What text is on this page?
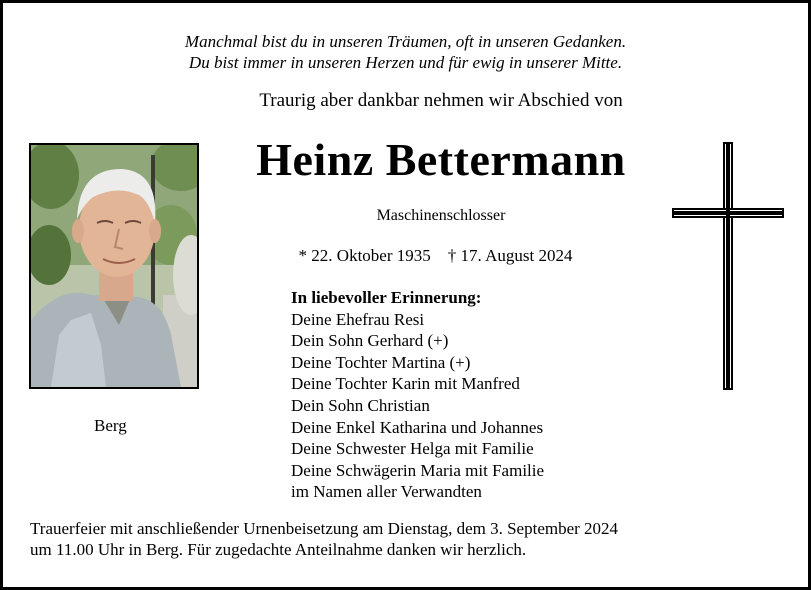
Manchmal bist du in unseren Träumen, oft in unseren Gedanken.
Du bist immer in unseren Herzen und für ewig in unserer Mitte.
Traurig aber dankbar nehmen wir Abschied von
Heinz Bettermann
Maschinenschlosser
* 22. Oktober 1935 † 17. August 2024
Berg
In liebevoller Erinnerung:
Deine Ehefrau Resi
Dein Sohn Gerhard (+)
Deine Tochter Martina (+)
Deine Tochter Karin mit Manfred
Dein Sohn Christian
Deine Enkel Katharina und Johannes
Deine Schwester Helga mit Familie
Deine Schwägerin Maria mit Familie
im Namen aller Verwandten
Trauerfeier mit anschließender Urnenbeisetzung am Dienstag, dem 3. September 2024
um 11.00 Uhr in Berg. Für zugedachte Anteilnahme danken wir herzlich.
